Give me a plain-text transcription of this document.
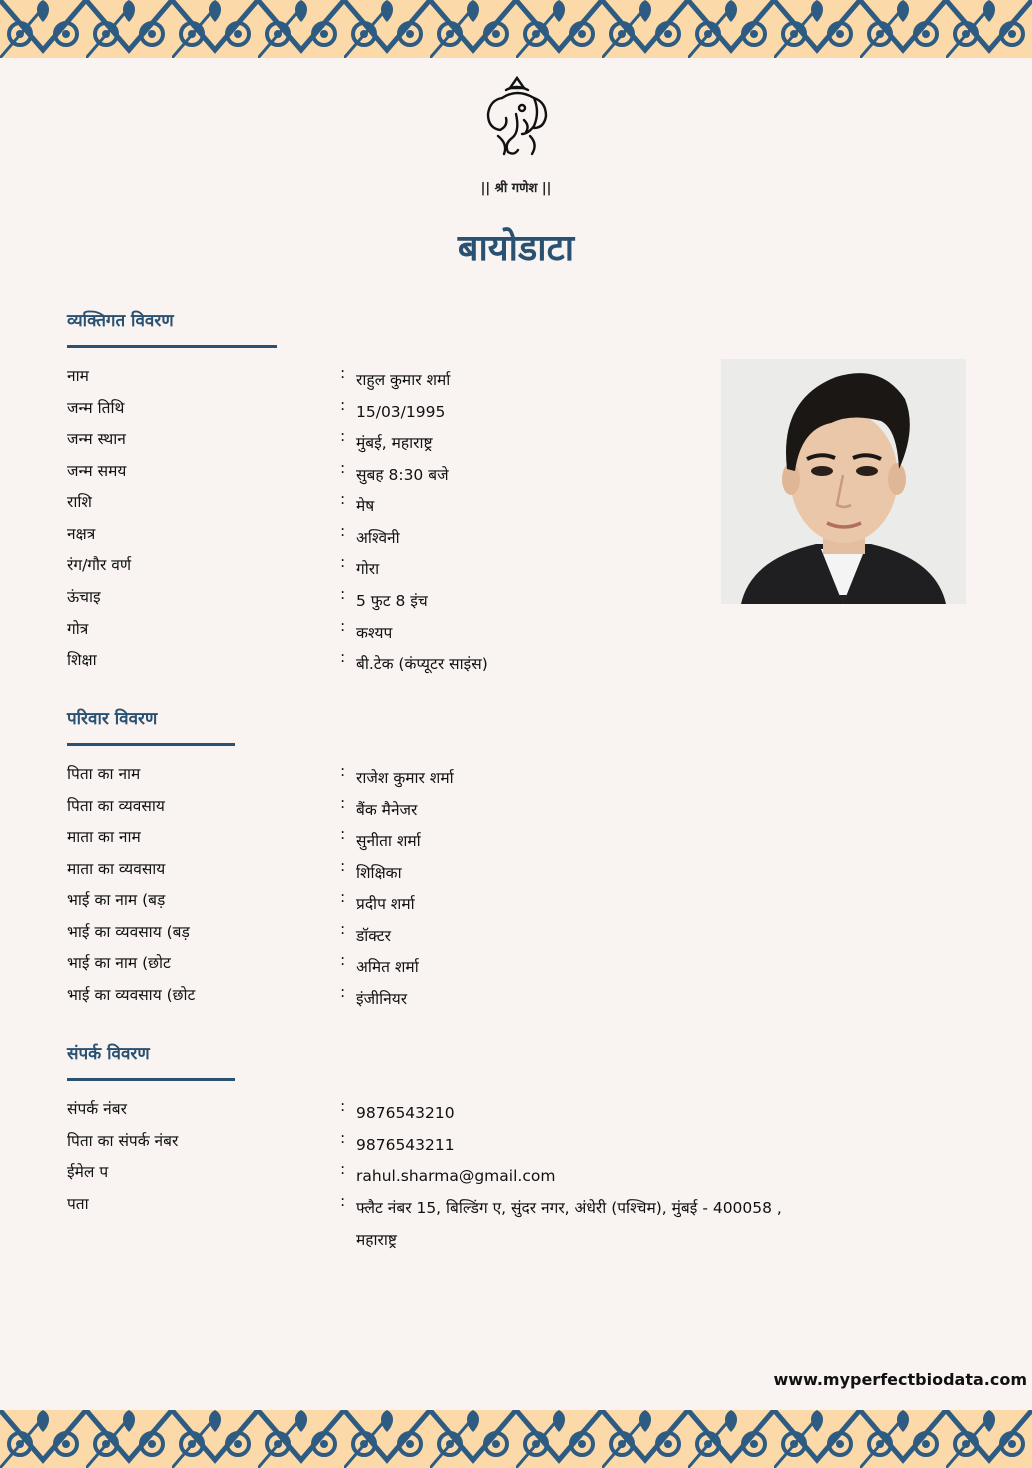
|| श्री गणेश ||
बायोडाटा
व्यक्तिगत विवरण
नाम	: राहुल कुमार शर्मा
जन्म तिथि	: 15/03/1995
जन्म स्थान	: मुंबई, महाराष्ट्र
जन्म समय	: सुबह 8:30 बजे
राशि	: मेष
नक्षत्र	: अश्विनी
रंग/गौर वर्ण	: गोरा
ऊंचाइ	: 5 फुट 8 इंच
गोत्र	: कश्यप
शिक्षा	: बी.टेक (कंप्यूटर साइंस)
परिवार विवरण
पिता का नाम	: राजेश कुमार शर्मा
पिता का व्यवसाय	: बैंक मैनेजर
माता का नाम	: सुनीता शर्मा
माता का व्यवसाय	: शिक्षिका
भाई का नाम (बड़	: प्रदीप शर्मा
भाई का व्यवसाय (बड़	: डॉक्टर
भाई का नाम (छोट	: अमित शर्मा
भाई का व्यवसाय (छोट	: इंजीनियर
संपर्क विवरण
संपर्क नंबर	: 9876543210
पिता का संपर्क नंबर	: 9876543211
ईमेल प	: rahul.sharma@gmail.com
पता	: फ्लैट नंबर 15, बिल्डिंग ए, सुंदर नगर, अंधेरी (पश्चिम), मुंबई - 400058 , महाराष्ट्र
www.myperfectbiodata.com
